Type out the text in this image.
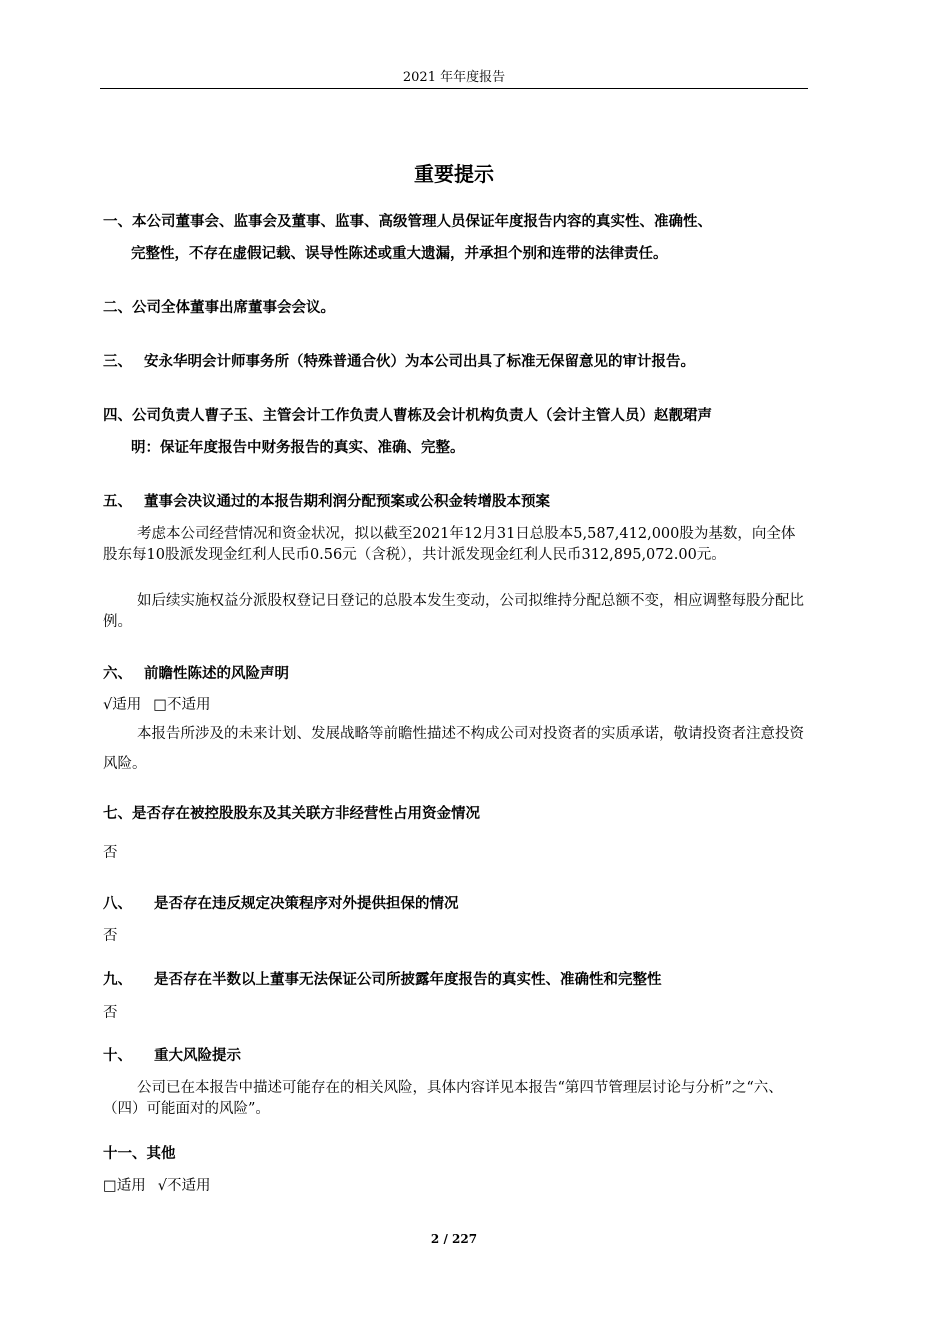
2021 年年度报告
重要提示
一、本公司董事会、监事会及董事、监事、高级管理人员保证年度报告内容的真实性、准确性、
完整性，不存在虚假记载、误导性陈述或重大遗漏，并承担个别和连带的法律责任。
二、公司全体董事出席董事会会议。
三、 安永华明会计师事务所（特殊普通合伙）为本公司出具了标准无保留意见的审计报告。
四、公司负责人曹子玉、主管会计工作负责人曹栋及会计机构负责人（会计主管人员）赵靓珺声
明：保证年度报告中财务报告的真实、准确、完整。
五、 董事会决议通过的本报告期利润分配预案或公积金转增股本预案
考虑本公司经营情况和资金状况，拟以截至2021年12月31日总股本5,587,412,000股为基数，向全体股东每10股派发现金红利人民币0.56元（含税），共计派发现金红利人民币312,895,072.00元。
如后续实施权益分派股权登记日登记的总股本发生变动，公司拟维持分配总额不变，相应调整每股分配比例。
六、 前瞻性陈述的风险声明
√适用 □不适用
本报告所涉及的未来计划、发展战略等前瞻性描述不构成公司对投资者的实质承诺，敬请投资者注意投资风险。
七、是否存在被控股股东及其关联方非经营性占用资金情况
否
八、 是否存在违反规定决策程序对外提供担保的情况
否
九、 是否存在半数以上董事无法保证公司所披露年度报告的真实性、准确性和完整性
否
十、 重大风险提示
公司已在本报告中描述可能存在的相关风险，具体内容详见本报告“第四节管理层讨论与分析”之“六、（四）可能面对的风险”。
十一、其他
□适用 √不适用
2 / 227
